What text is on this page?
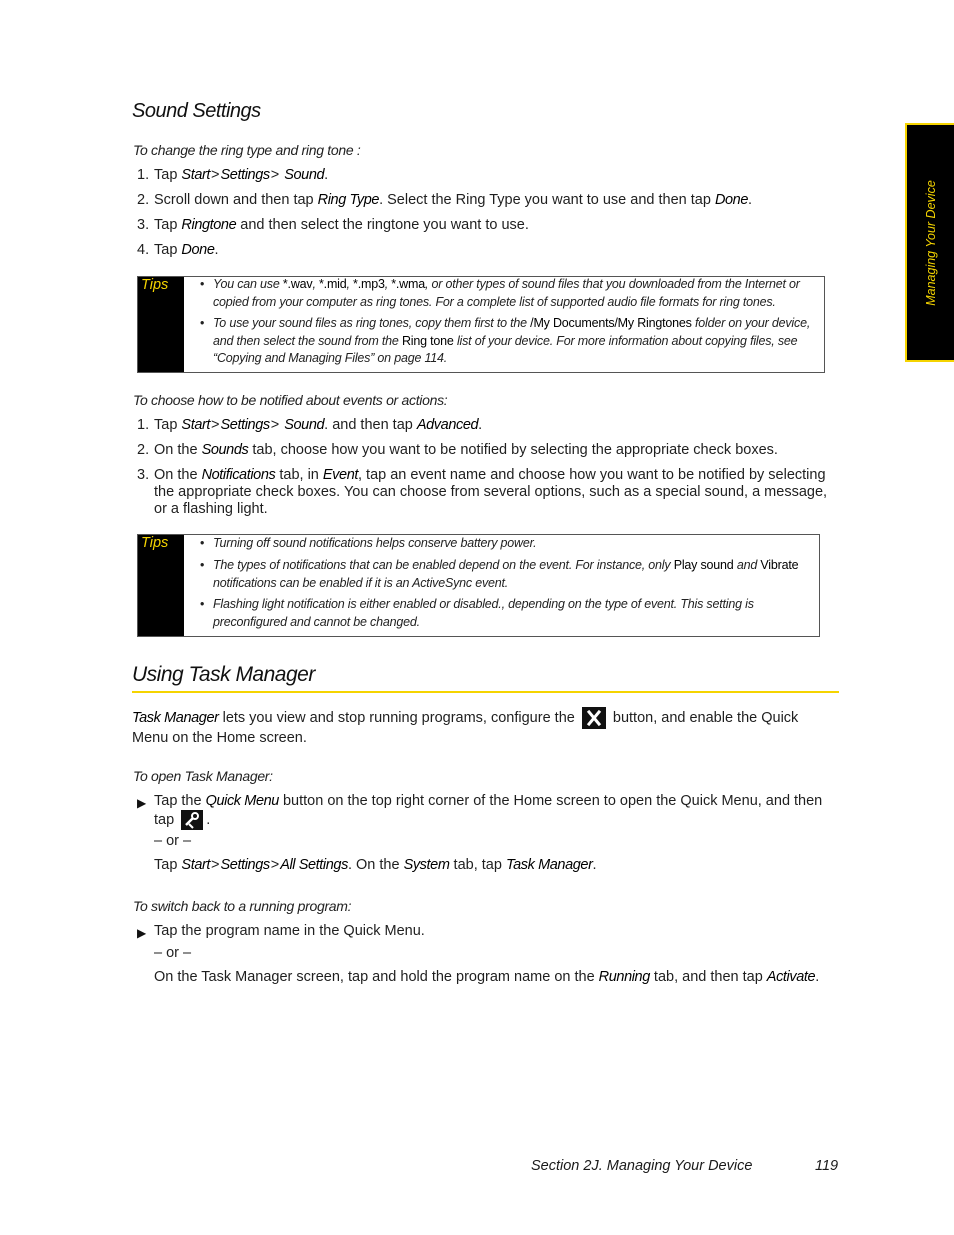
Managing Your Device
Sound Settings
To change the ring type and ring tone :
1. Tap Start>Settings> Sound.
2. Scroll down and then tap Ring Type. Select the Ring Type you want to use and then tap Done.
3. Tap Ringtone and then select the ringtone you want to use.
4. Tap Done.
Tips	• You can use *.wav, *.mid, *.mp3, *.wma, or other types of sound files that you downloaded from the Internet or copied from your computer as ring tones. For a complete list of supported audio file formats for ring tones.
• To use your sound files as ring tones, copy them first to the /My Documents/My Ringtones folder on your device, and then select the sound from the Ring tone list of your device. For more information about copying files, see “Copying and Managing Files” on page 114.
To choose how to be notified about events or actions:
1. Tap Start>Settings> Sound. and then tap Advanced.
2. On the Sounds tab, choose how you want to be notified by selecting the appropriate check boxes.
3. On the Notifications tab, in Event, tap an event name and choose how you want to be notified by selecting the appropriate check boxes. You can choose from several options, such as a special sound, a message, or a flashing light.
Tips	• Turning off sound notifications helps conserve battery power.
• The types of notifications that can be enabled depend on the event. For instance, only Play sound and Vibrate notifications can be enabled if it is an ActiveSync event.
• Flashing light notification is either enabled or disabled., depending on the type of event. This setting is preconfigured and cannot be changed.
Using Task Manager
Task Manager lets you view and stop running programs, configure the
button, and enable the Quick Menu on the Home screen.
To open Task Manager:
▶ Tap the Quick Menu button on the top right corner of the Home screen to open the Quick Menu, and then tap
.
– or –
Tap Start>Settings>All Settings. On the System tab, tap Task Manager.
To switch back to a running program:
▶ Tap the program name in the Quick Menu.
– or –
On the Task Manager screen, tap and hold the program name on the Running tab, and then tap Activate.
Section 2J. Managing Your Device	119
